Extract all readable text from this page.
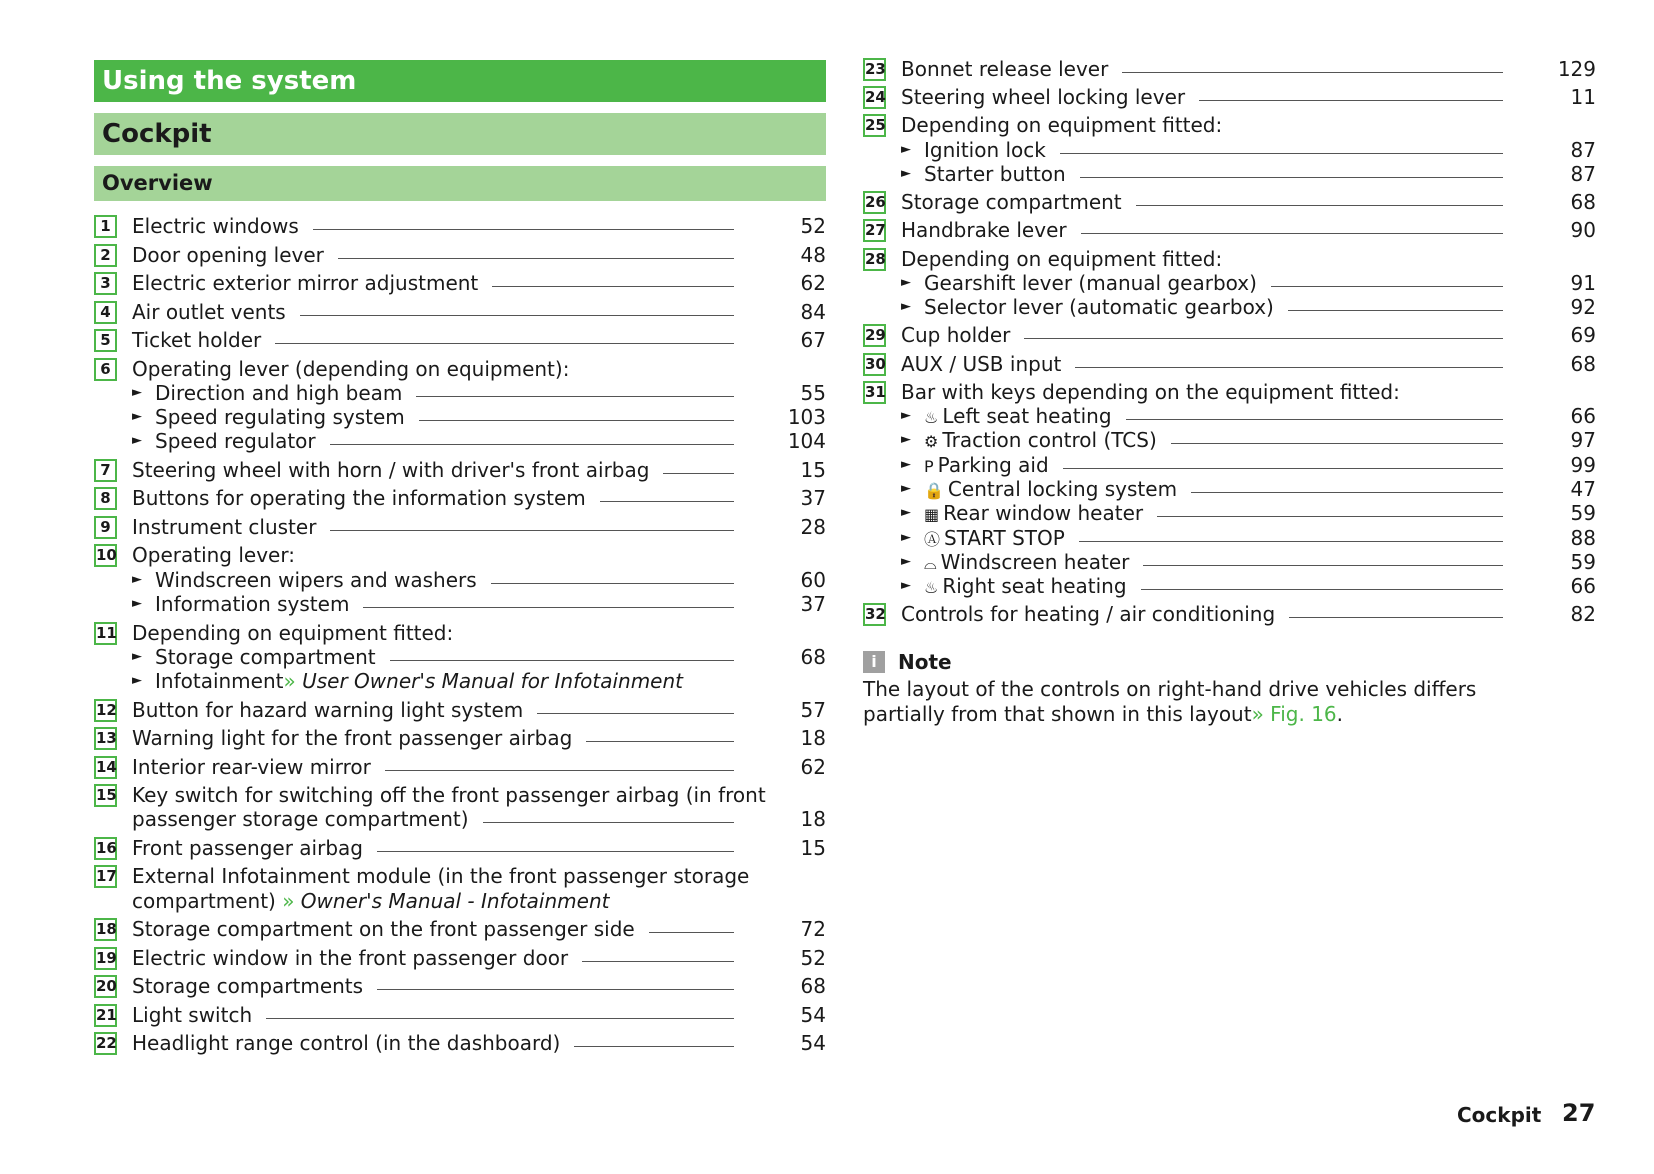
Using the system
Cockpit
Overview
1	Electric windows	52
2	Door opening lever	48
3	Electric exterior mirror adjustment	62
4	Air outlet vents	84
5	Ticket holder	67
6	Operating lever (depending on equipment):
► Direction and high beam	55
► Speed regulating system	103
► Speed regulator	104
7	Steering wheel with horn / with driver's front airbag	15
8	Buttons for operating the information system	37
9	Instrument cluster	28
10 Operating lever:
► Windscreen wipers and washers	60
► Information system	37
11 Depending on equipment fitted:
► Storage compartment	68
► Infotainment» User Owner's Manual for Infotainment
12 Button for hazard warning light system	57
13 Warning light for the front passenger airbag	18
14 Interior rear-view mirror	62
15 Key switch for switching off the front passenger airbag (in front
passenger storage compartment)	18
16 Front passenger airbag	15
17 External Infotainment module (in the front passenger storage
compartment) » Owner's Manual - Infotainment
18 Storage compartment on the front passenger side	72
19 Electric window in the front passenger door	52
20 Storage compartments	68
21 Light switch	54
22 Headlight range control (in the dashboard)	54
23 Bonnet release lever	129
24 Steering wheel locking lever	11
25 Depending on equipment fitted:
► Ignition lock	87
► Starter button	87
26 Storage compartment	68
27 Handbrake lever	90
28 Depending on equipment fitted:
► Gearshift lever (manual gearbox)	91
► Selector lever (automatic gearbox)	92
29 Cup holder	69
30 AUX / USB input	68
31 Bar with keys depending on the equipment fitted:
► ♨ Left seat heating	66
► ⚙ Traction control (TCS)	97
► P Parking aid	99
► 🔒 Central locking system	47
► ▦ Rear window heater	59
► Ⓐ START STOP	88
► ⌓ Windscreen heater	59
► ♨ Right seat heating	66
32 Controls for heating / air conditioning	82
i	Note
The layout of the controls on right-hand drive vehicles differs partially from that shown in this layout» Fig. 16.
Cockpit 27
